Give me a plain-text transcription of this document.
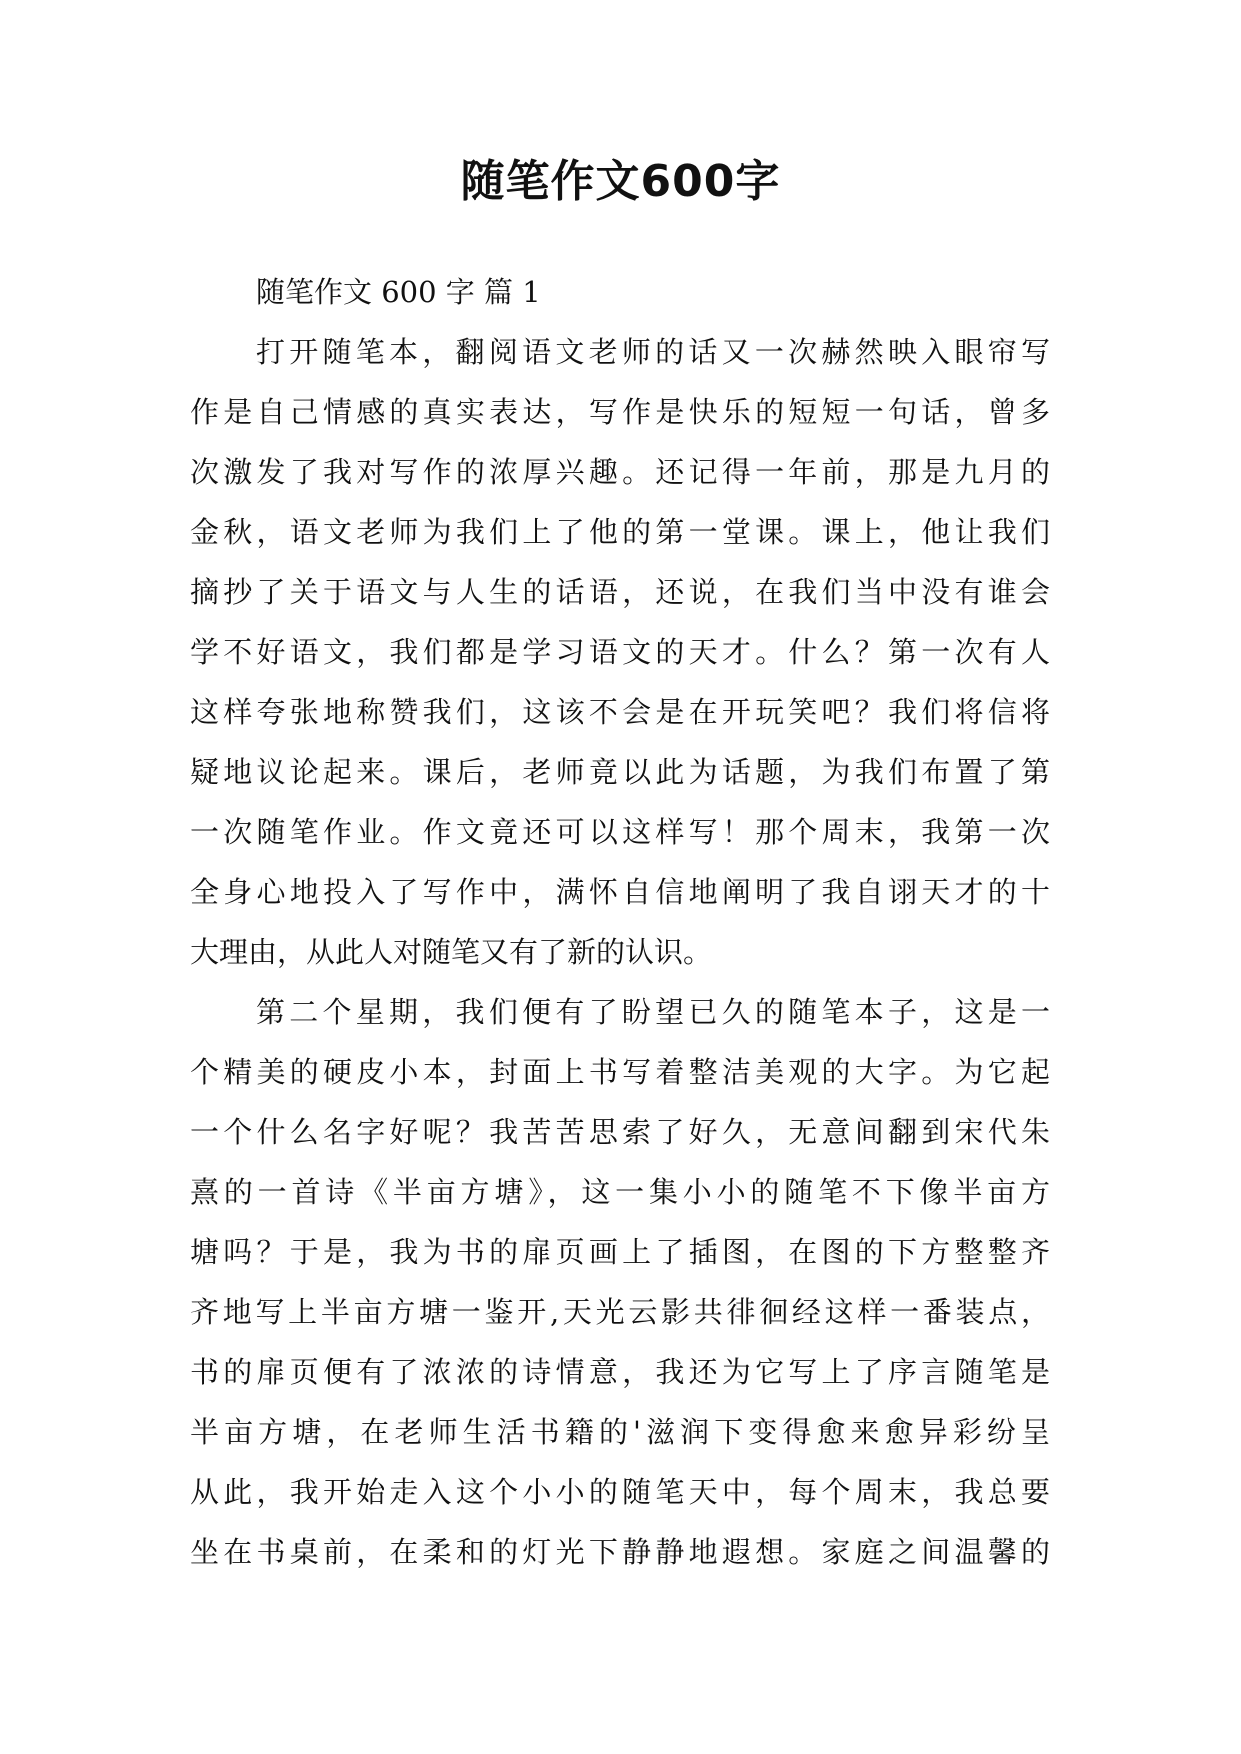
随笔作文600字
随笔作文 600 字 篇 1
打开随笔本，翻阅语文老师的话又一次赫然映入眼帘写
作是自己情感的真实表达，写作是快乐的短短一句话，曾多
次激发了我对写作的浓厚兴趣。还记得一年前，那是九月的
金秋，语文老师为我们上了他的第一堂课。课上，他让我们
摘抄了关于语文与人生的话语，还说，在我们当中没有谁会
学不好语文，我们都是学习语文的天才。什么？第一次有人
这样夸张地称赞我们，这该不会是在开玩笑吧？我们将信将
疑地议论起来。课后，老师竟以此为话题，为我们布置了第
一次随笔作业。作文竟还可以这样写！那个周末，我第一次
全身心地投入了写作中，满怀自信地阐明了我自诩天才的十
大理由，从此人对随笔又有了新的认识。
第二个星期，我们便有了盼望已久的随笔本子，这是一
个精美的硬皮小本，封面上书写着整洁美观的大字。为它起
一个什么名字好呢？我苦苦思索了好久，无意间翻到宋代朱
熹的一首诗《半亩方塘》，这一集小小的随笔不下像半亩方
塘吗？于是，我为书的扉页画上了插图，在图的下方整整齐
齐地写上半亩方塘一鉴开,天光云影共徘徊经这样一番装点，
书的扉页便有了浓浓的诗情意，我还为它写上了序言随笔是
半亩方塘，在老师生活书籍的'滋润下变得愈来愈异彩纷呈
从此，我开始走入这个小小的随笔天中，每个周末，我总要
坐在书桌前，在柔和的灯光下静静地遐想。家庭之间温馨的
